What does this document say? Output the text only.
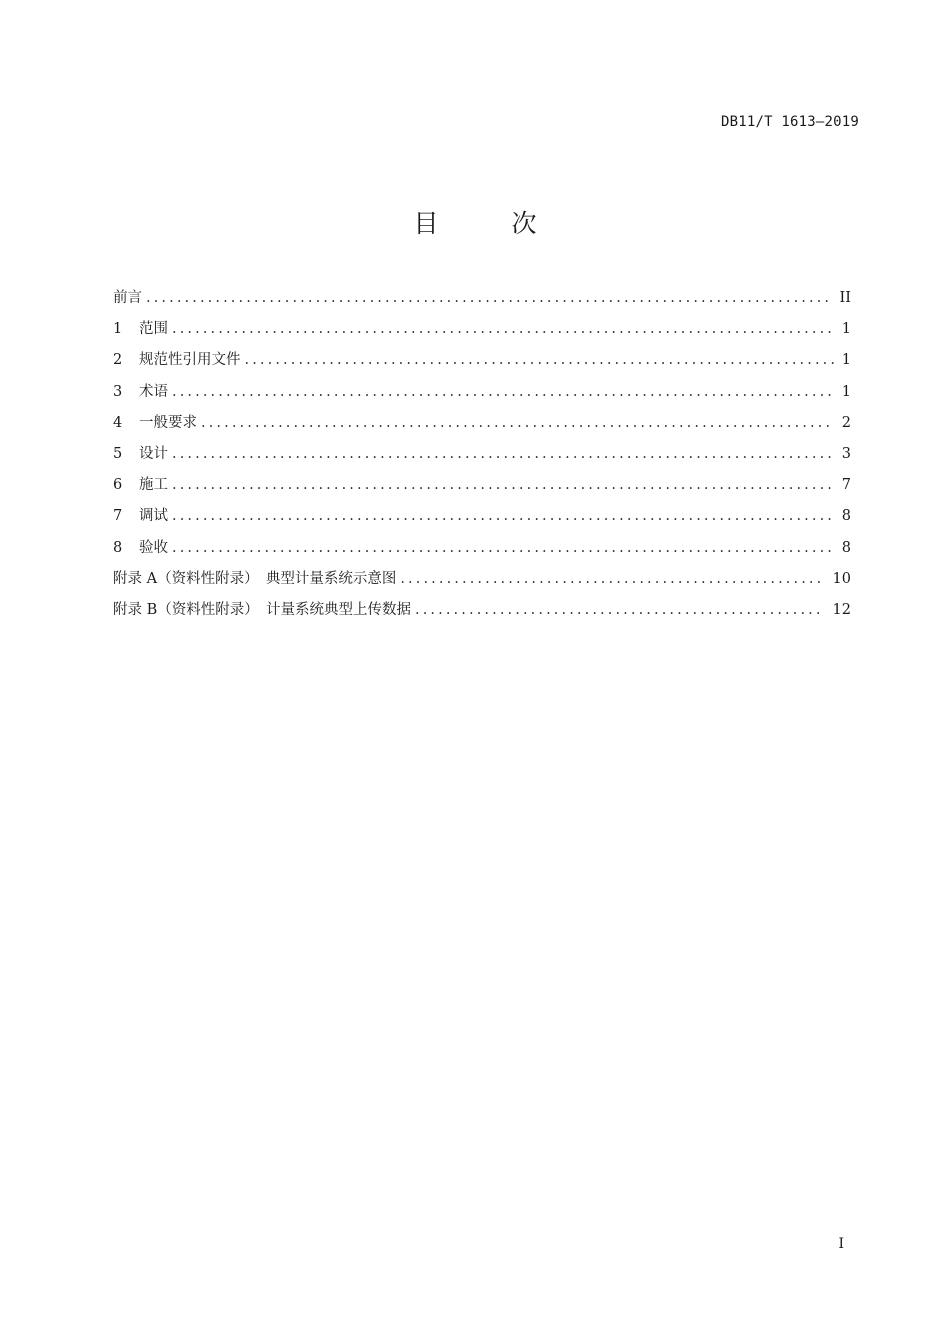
DB11/T 1613—2019
目　次
前言 .....	II
1	范围 .....	1
2	规范性引用文件 .....	1
3	术语 .....	1
4	一般要求 .....	2
5	设计 .....	3
6	施工 .....	7
7	调试 .....	8
8	验收 .....	8
附录 A（资料性附录）　典型计量系统示意图 .....	10
附录 B（资料性附录）　计量系统典型上传数据 .....	12
I
